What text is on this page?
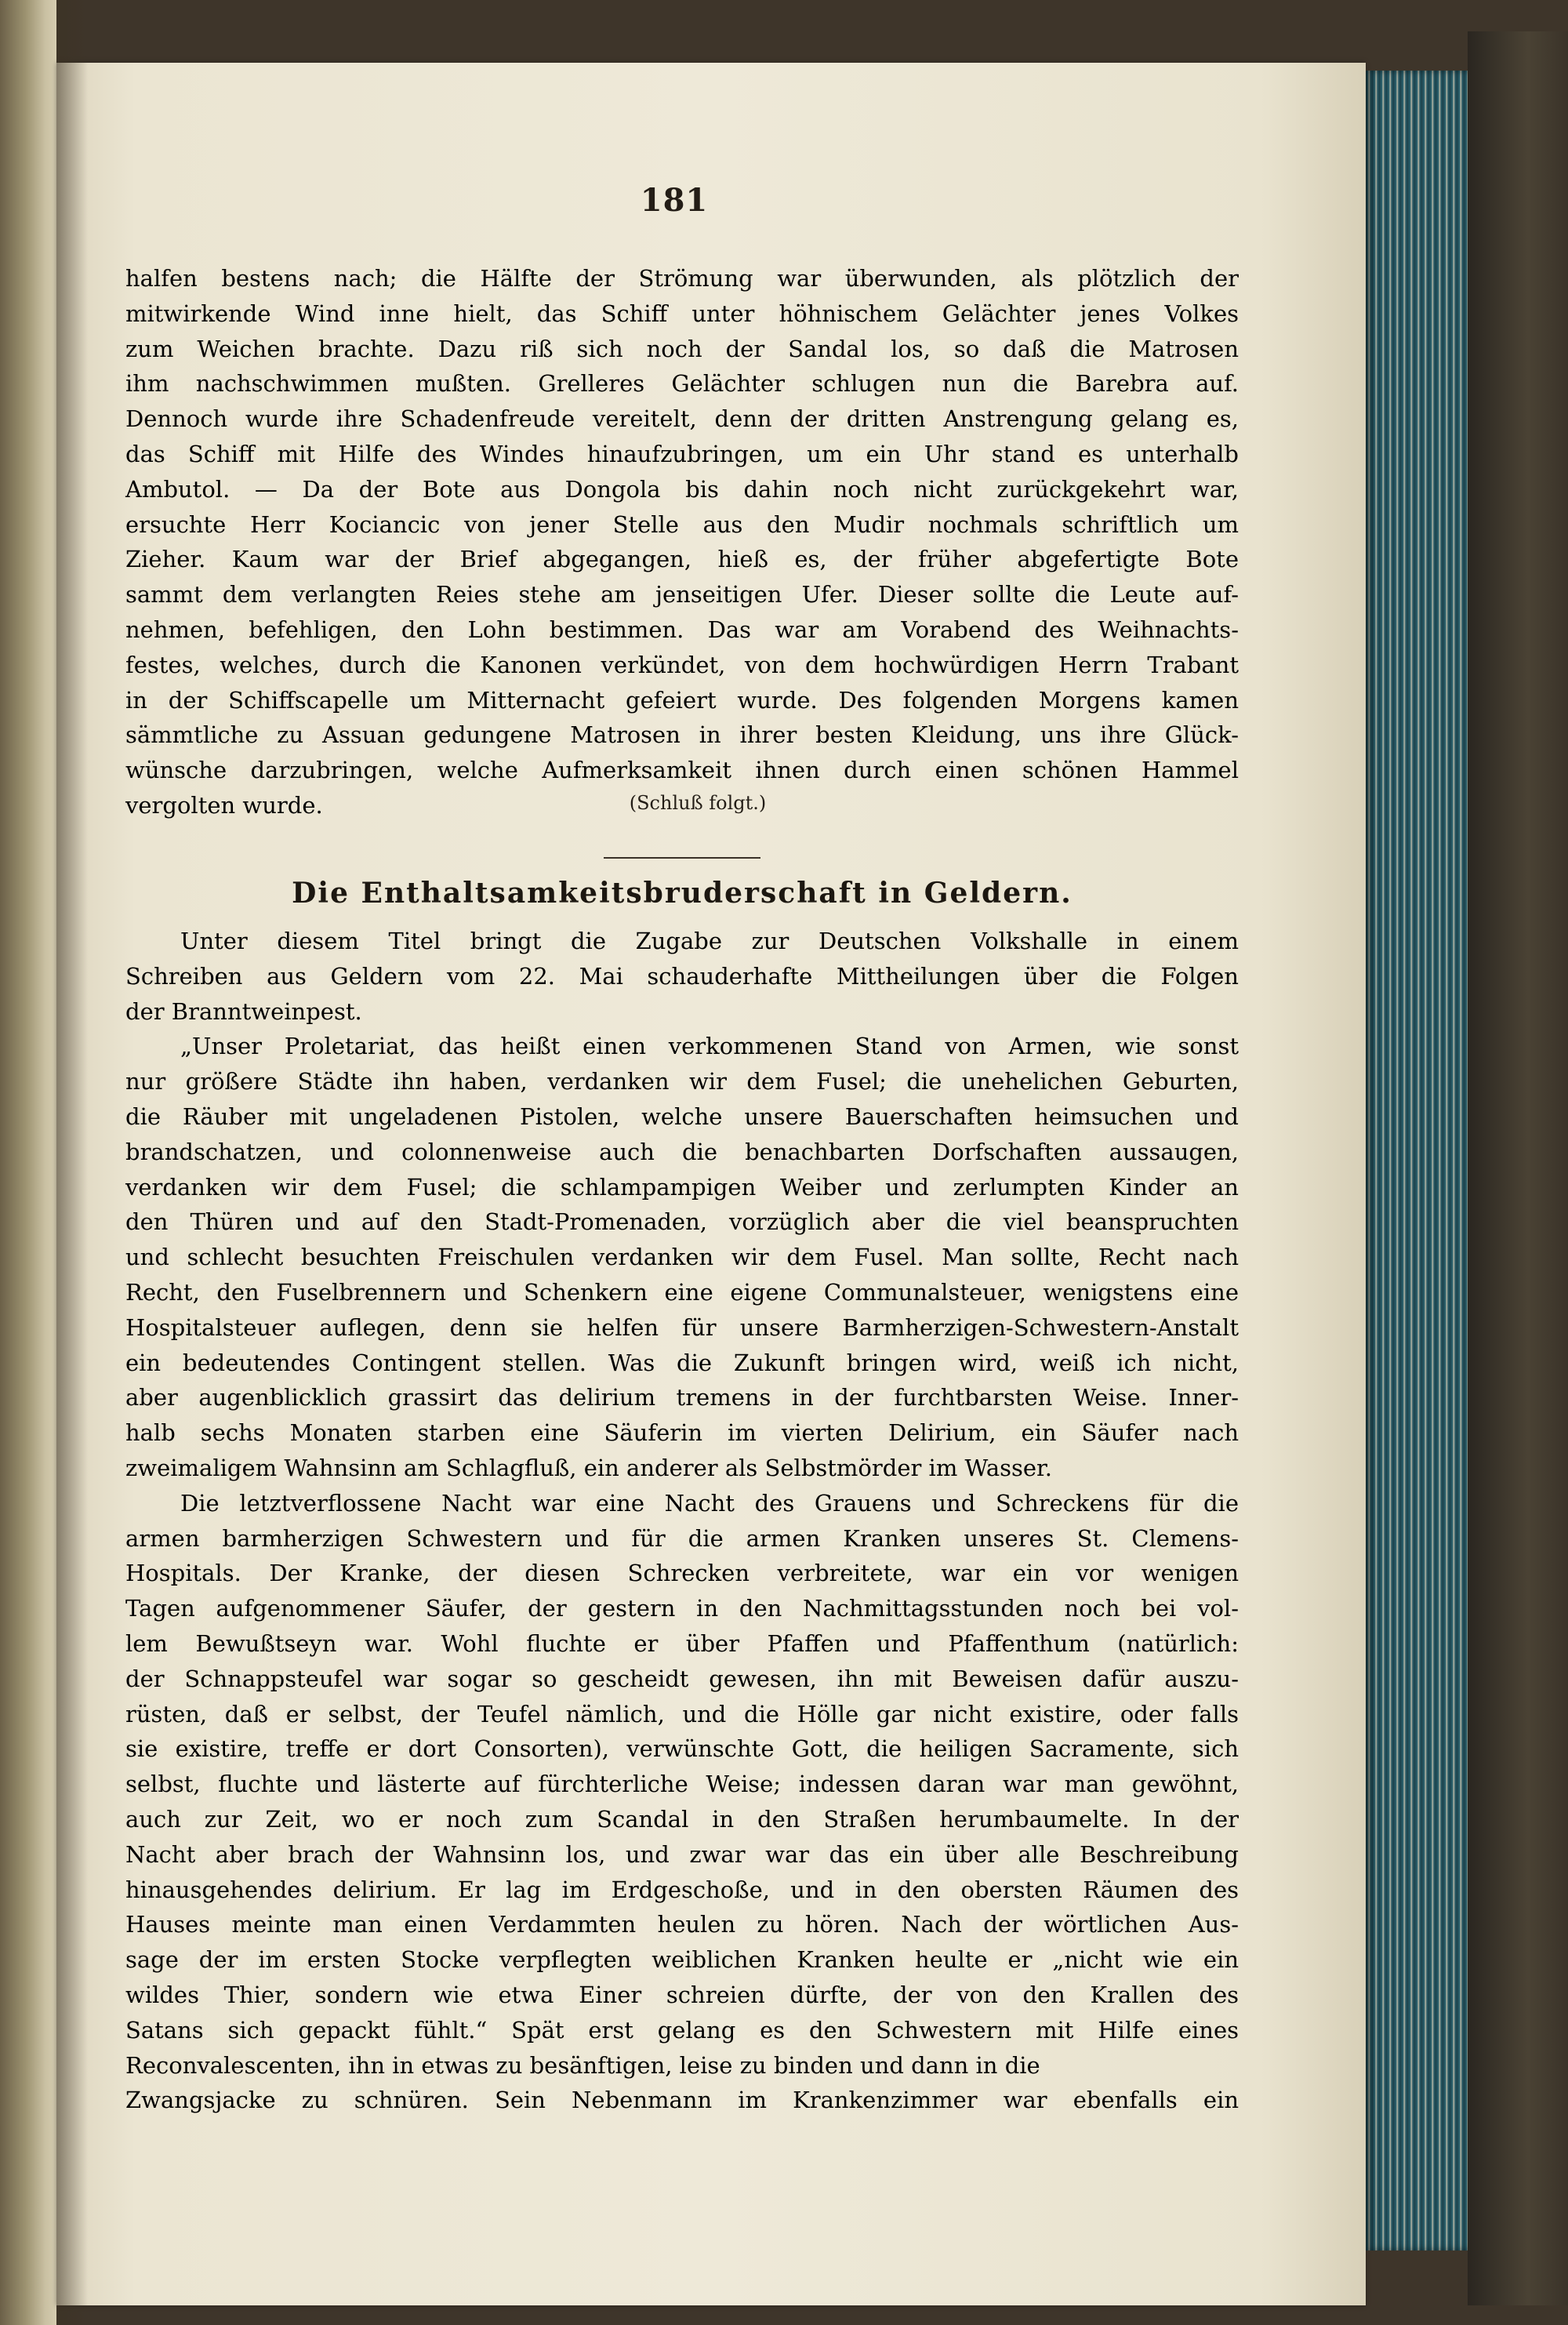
181
halfen bestens nach; die Hälfte der Strömung war überwunden, als plötzlich der
mitwirkende Wind inne hielt, das Schiff unter höhnischem Gelächter jenes Volkes
zum Weichen brachte. Dazu riß sich noch der Sandal los, so daß die Matrosen
ihm nachschwimmen mußten. Grelleres Gelächter schlugen nun die Barebra auf.
Dennoch wurde ihre Schadenfreude vereitelt, denn der dritten Anstrengung gelang es,
das Schiff mit Hilfe des Windes hinaufzubringen, um ein Uhr stand es unterhalb
Ambutol. — Da der Bote aus Dongola bis dahin noch nicht zurückgekehrt war,
ersuchte Herr Kociancic von jener Stelle aus den Mudir nochmals schriftlich um
Zieher. Kaum war der Brief abgegangen, hieß es, der früher abgefertigte Bote
sammt dem verlangten Reies stehe am jenseitigen Ufer. Dieser sollte die Leute auf-
nehmen, befehligen, den Lohn bestimmen. Das war am Vorabend des Weihnachts-
festes, welches, durch die Kanonen verkündet, von dem hochwürdigen Herrn Trabant
in der Schiffscapelle um Mitternacht gefeiert wurde. Des folgenden Morgens kamen
sämmtliche zu Assuan gedungene Matrosen in ihrer besten Kleidung, uns ihre Glück-
wünsche darzubringen, welche Aufmerksamkeit ihnen durch einen schönen Hammel
vergolten wurde.	(Schluß folgt.)
Die Enthaltsamkeitsbruderschaft in Geldern.
Unter diesem Titel bringt die Zugabe zur Deutschen Volkshalle in einem
Schreiben aus Geldern vom 22. Mai schauderhafte Mittheilungen über die Folgen
der Branntweinpest.
„Unser Proletariat, das heißt einen verkommenen Stand von Armen, wie sonst
nur größere Städte ihn haben, verdanken wir dem Fusel; die unehelichen Geburten,
die Räuber mit ungeladenen Pistolen, welche unsere Bauerschaften heimsuchen und
brandschatzen, und colonnenweise auch die benachbarten Dorfschaften aussaugen,
verdanken wir dem Fusel; die schlampampigen Weiber und zerlumpten Kinder an
den Thüren und auf den Stadt-Promenaden, vorzüglich aber die viel beanspruchten
und schlecht besuchten Freischulen verdanken wir dem Fusel. Man sollte, Recht nach
Recht, den Fuselbrennern und Schenkern eine eigene Communalsteuer, wenigstens eine
Hospitalsteuer auflegen, denn sie helfen für unsere Barmherzigen-Schwestern-Anstalt
ein bedeutendes Contingent stellen. Was die Zukunft bringen wird, weiß ich nicht,
aber augenblicklich grassirt das delirium tremens in der furchtbarsten Weise. Inner-
halb sechs Monaten starben eine Säuferin im vierten Delirium, ein Säufer nach
zweimaligem Wahnsinn am Schlagfluß, ein anderer als Selbstmörder im Wasser.
Die letztverflossene Nacht war eine Nacht des Grauens und Schreckens für die
armen barmherzigen Schwestern und für die armen Kranken unseres St. Clemens-
Hospitals. Der Kranke, der diesen Schrecken verbreitete, war ein vor wenigen
Tagen aufgenommener Säufer, der gestern in den Nachmittagsstunden noch bei vol-
lem Bewußtseyn war. Wohl fluchte er über Pfaffen und Pfaffenthum (natürlich:
der Schnappsteufel war sogar so gescheidt gewesen, ihn mit Beweisen dafür auszu-
rüsten, daß er selbst, der Teufel nämlich, und die Hölle gar nicht existire, oder falls
sie existire, treffe er dort Consorten), verwünschte Gott, die heiligen Sacramente, sich
selbst, fluchte und lästerte auf fürchterliche Weise; indessen daran war man gewöhnt,
auch zur Zeit, wo er noch zum Scandal in den Straßen herumbaumelte. In der
Nacht aber brach der Wahnsinn los, und zwar war das ein über alle Beschreibung
hinausgehendes delirium. Er lag im Erdgeschoße, und in den obersten Räumen des
Hauses meinte man einen Verdammten heulen zu hören. Nach der wörtlichen Aus-
sage der im ersten Stocke verpflegten weiblichen Kranken heulte er „nicht wie ein
wildes Thier, sondern wie etwa Einer schreien dürfte, der von den Krallen des
Satans sich gepackt fühlt.“ Spät erst gelang es den Schwestern mit Hilfe eines
Reconvalescenten, ihn in etwas zu besänftigen, leise zu binden und dann in die
Zwangsjacke zu schnüren. Sein Nebenmann im Krankenzimmer war ebenfalls ein
